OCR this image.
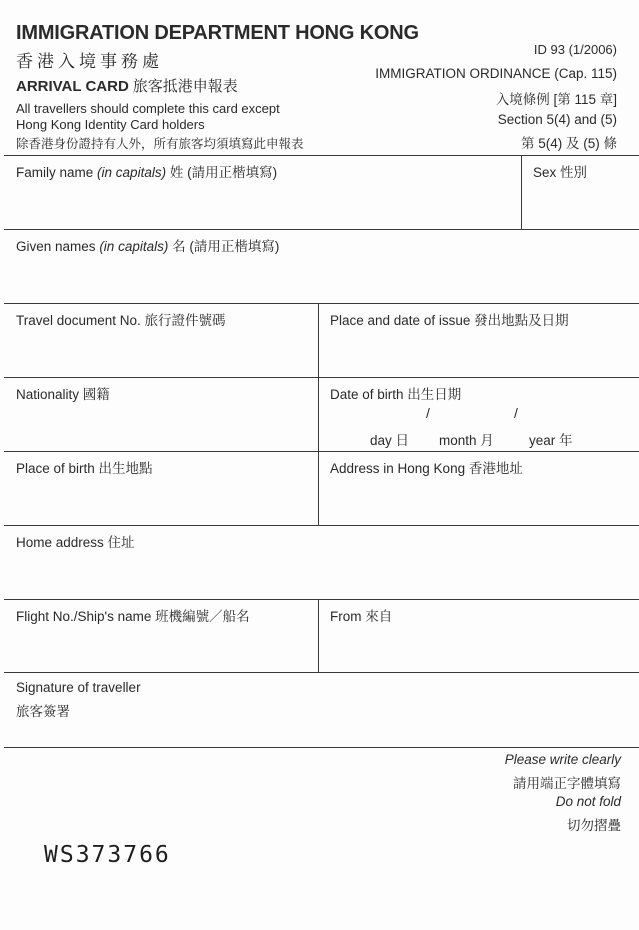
IMMIGRATION DEPARTMENT HONG KONG
香港入境事務處
ARRIVAL CARD 旅客抵港申報表
All travellers should complete this card except
Hong Kong Identity Card holders
除香港身份證持有人外，所有旅客均須填寫此申報表
ID 93 (1/2006)
IMMIGRATION ORDINANCE (Cap. 115)
入境條例 [第 115 章]
Section 5(4) and (5)
第 5(4) 及 (5) 條
Family name (in capitals) 姓 (請用正楷填寫)	Sex 性別
Given names (in capitals) 名 (請用正楷填寫)
Travel document No. 旅行證件號碼	Place and date of issue 發出地點及日期
Nationality 國籍	Date of birth 出生日期
/	/
day 日 month 月	year 年
Place of birth 出生地點	Address in Hong Kong 香港地址
Home address 住址
Flight No./Ship's name 班機編號／船名	From 來自
Signature of traveller
旅客簽署
Please write clearly
請用端正字體填寫
Do not fold
切勿摺疊
WS373766
